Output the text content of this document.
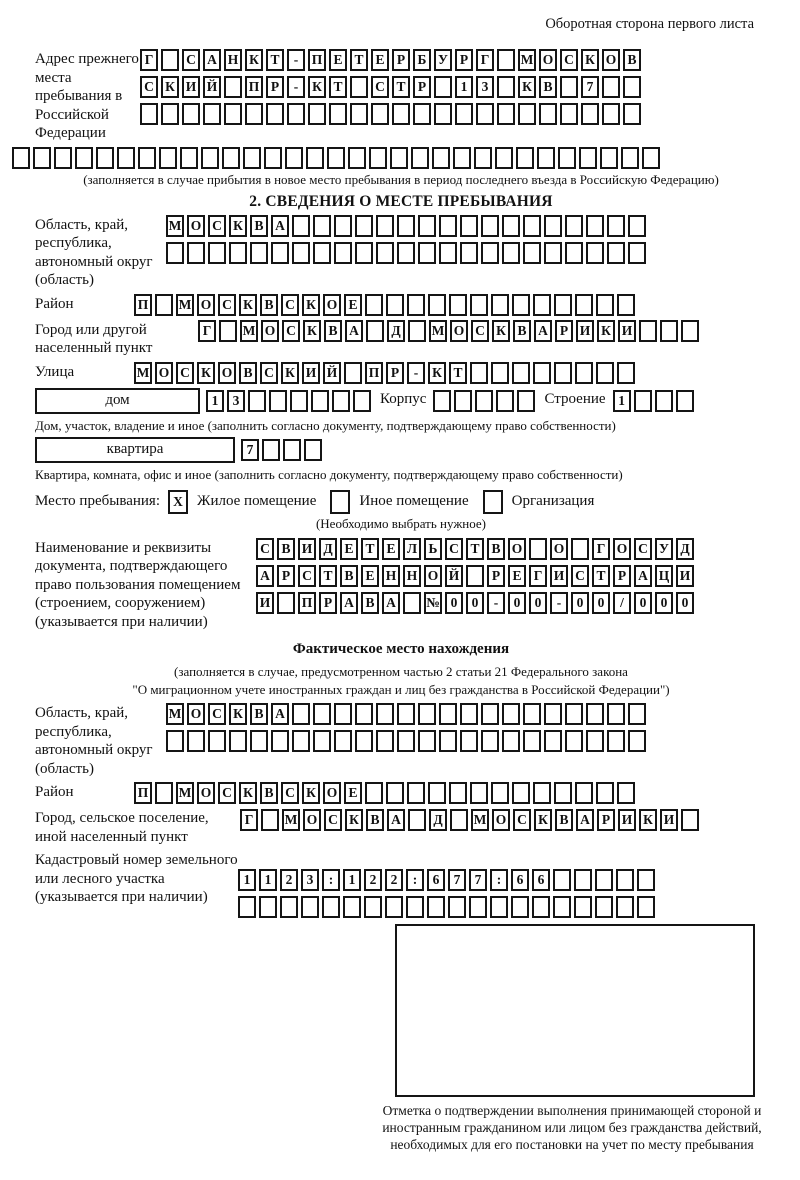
Оборотная сторона первого листа
Адрес прежнего места пребывания в Российской Федерации
Г	С А Н К Т	- П Е Т Е Р Б У Р Г	М О С К О В
С К И Й П Р	-	К Т	С Т Р	1	3	К В	7
(заполняется в случае прибытия в новое место пребывания в период последнего въезда в Российскую Федерацию)
2. СВЕДЕНИЯ О МЕСТЕ ПРЕБЫВАНИЯ
Область, край, республика, автономный округ (область)
М О С К В А
Район	П М О С К В С К О Е
Город или другой населенный пункт
Г	М О С К В А	Д	М О С К В А Р И К И
Улица	М О С К О В С К И Й П Р	-	К Т
дом	1	3	Корпус	Строение 1
Дом, участок, владение и иное (заполнить согласно документу, подтверждающему право собственности)
квартира	7
Квартира, комната, офис и иное (заполнить согласно документу, подтверждающему право собственности)
Место пребывания: X Жилое помещение	Иное помещение	Организация
(Необходимо выбрать нужное)
Наименование и реквизиты документа, подтверждающего право пользования помещением (строением, сооружением) (указывается при наличии)
С В И Д Е Т Е Л Ь С Т В О О	Г О С У Д
А Р С Т В Е Н Н О Й	Р Е Г И С Т Р А Ц И
И П Р А В А	№ 0	0	-	0	0	-	0	0	/	0	0	0
Фактическое место нахождения
(заполняется в случае, предусмотренном частью 2 статьи 21 Федерального закона
"О миграционном учете иностранных граждан и лиц без гражданства в Российской Федерации")
Область, край, республика, автономный округ (область)
М О С К В А
Район	П М О С К В С К О Е
Город, сельское поселение, иной населенный пункт
Г	М О С К В А	Д	М О С К В А Р И К И
Кадастровый номер земельного или лесного участка (указывается при наличии)
1	1	2	3	:	1	2	2	:	6	7	7	:	6	6
Отметка о подтверждении выполнения принимающей стороной и иностранным гражданином или лицом без гражданства действий, необходимых для его постановки на учет по месту пребывания
